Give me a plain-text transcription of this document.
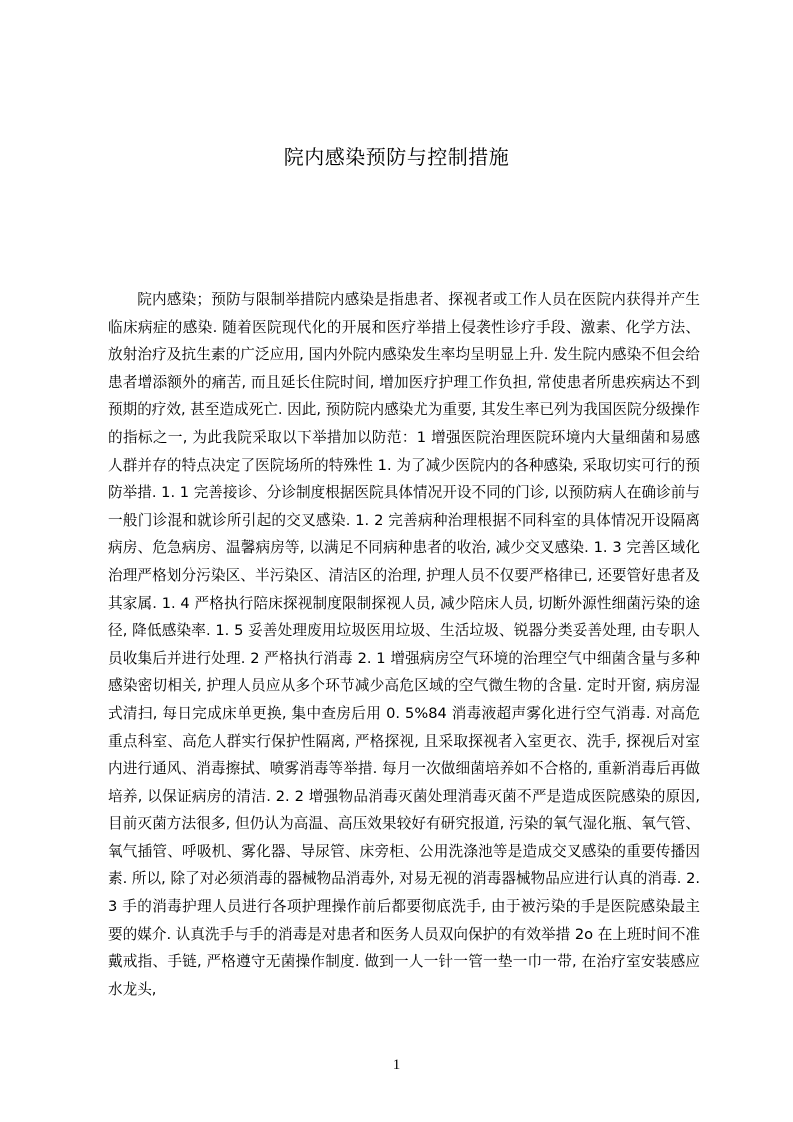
院内感染预防与控制措施

院内感染；预防与限制举措院内感染是指患者、探视者或工作人员在医院内获得并产生临床病症的感染. 随着医院现代化的开展和医疗举措上侵袭性诊疗手段、激素、化学方法、放射治疗及抗生素的广泛应用, 国内外院内感染发生率均呈明显上升. 发生院内感染不但会给患者增添额外的痛苦, 而且延长住院时间, 增加医疗护理工作负担, 常使患者所患疾病达不到预期的疗效, 甚至造成死亡. 因此, 预防院内感染尤为重要, 其发生率已列为我国医院分级操作的指标之一, 为此我院采取以下举措加以防范：1 增强医院治理医院环境内大量细菌和易感人群并存的特点决定了医院场所的特殊性 1. 为了减少医院内的各种感染, 采取切实可行的预防举措. 1. 1 完善接诊、分诊制度根据医院具体情况开设不同的门诊, 以预防病人在确诊前与一般门诊混和就诊所引起的交叉感染. 1. 2 完善病种治理根据不同科室的具体情况开设隔离病房、危急病房、温馨病房等, 以满足不同病种患者的收治, 减少交叉感染. 1. 3 完善区域化治理严格划分污染区、半污染区、清洁区的治理, 护理人员不仅要严格律已, 还要管好患者及其家属. 1. 4 严格执行陪床探视制度限制探视人员, 减少陪床人员, 切断外源性细菌污染的途径, 降低感染率. 1. 5 妥善处理废用垃圾医用垃圾、生活垃圾、锐器分类妥善处理, 由专职人员收集后并进行处理. 2 严格执行消毒 2. 1 增强病房空气环境的治理空气中细菌含量与多种感染密切相关, 护理人员应从多个环节减少高危区域的空气微生物的含量. 定时开窗, 病房湿式清扫, 每日完成床单更换, 集中查房后用 0. 5%84 消毒液超声雾化进行空气消毒. 对高危重点科室、高危人群实行保护性隔离, 严格探视, 且采取探视者入室更衣、洗手, 探视后对室内进行通风、消毒擦拭、喷雾消毒等举措. 每月一次做细菌培养如不合格的, 重新消毒后再做培养, 以保证病房的清洁. 2. 2 增强物品消毒灭菌处理消毒灭菌不严是造成医院感染的原因, 目前灭菌方法很多, 但仍认为高温、高压效果较好有研究报道, 污染的氧气湿化瓶、氧气管、氧气插管、呼吸机、雾化器、导尿管、床旁柜、公用洗涤池等是造成交叉感染的重要传播因素. 所以, 除了对必须消毒的器械物品消毒外, 对易无视的消毒器械物品应进行认真的消毒. 2. 3 手的消毒护理人员进行各项护理操作前后都要彻底洗手, 由于被污染的手是医院感染最主要的媒介. 认真洗手与手的消毒是对患者和医务人员双向保护的有效举措 2o 在上班时间不准戴戒指、手链, 严格遵守无菌操作制度. 做到一人一针一管一垫一巾一带, 在治疗室安装感应水龙头,

1
